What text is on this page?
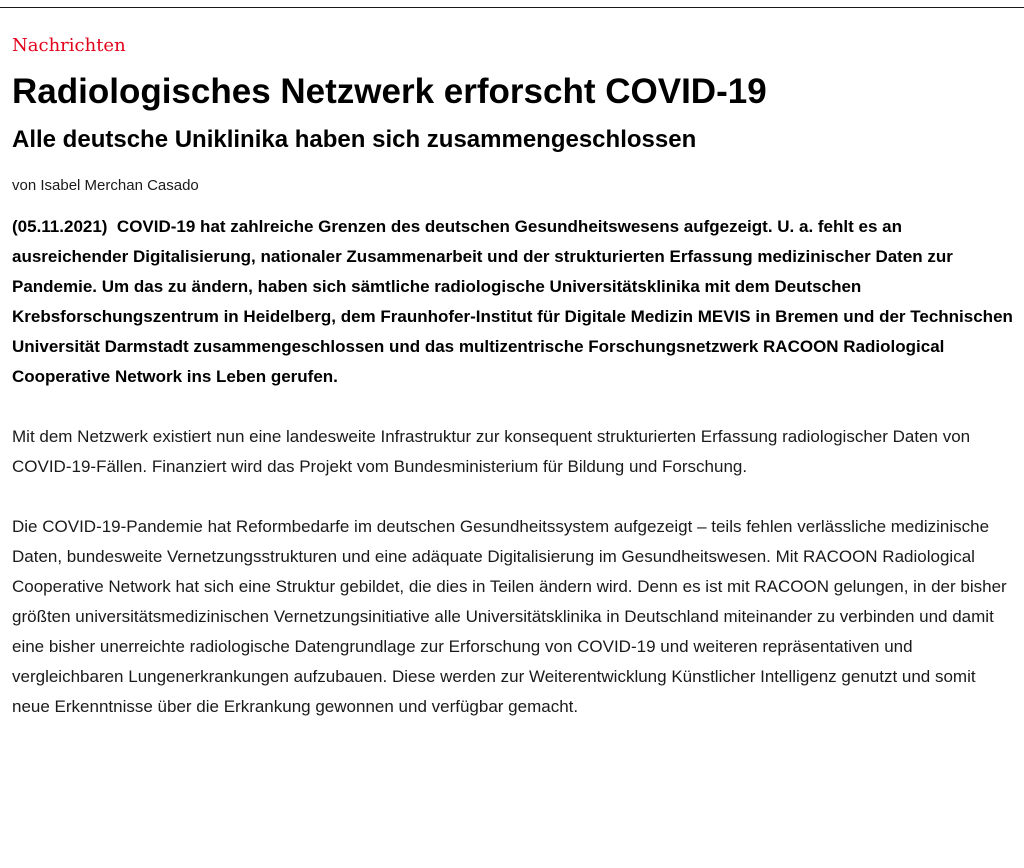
Nachrichten
Radiologisches Netzwerk erforscht COVID-19
Alle deutsche Uniklinika haben sich zusammengeschlossen

von Isabel Merchan Casado

(05.11.2021) COVID-19 hat zahlreiche Grenzen des deutschen Gesundheitswesens aufgezeigt. U. a. fehlt es an ausreichender Digitalisierung, nationaler Zusammenarbeit und der strukturierten Erfassung medizinischer Daten zur Pandemie. Um das zu ändern, haben sich sämtliche radiologische Universitätsklinika mit dem Deutschen Krebsforschungszentrum in Heidelberg, dem Fraunhofer-Institut für Digitale Medizin MEVIS in Bremen und der Technischen Universität Darmstadt zusammengeschlossen und das multizentrische Forschungsnetzwerk RACOON Radiological Cooperative Network ins Leben gerufen.

Mit dem Netzwerk existiert nun eine landesweite Infrastruktur zur konsequent strukturierten Erfassung radiologischer Daten von COVID-19-Fällen. Finanziert wird das Projekt vom Bundesministerium für Bildung und Forschung.

Die COVID-19-Pandemie hat Reformbedarfe im deutschen Gesundheitssystem aufgezeigt – teils fehlen verlässliche medizinische Daten, bundesweite Vernetzungsstrukturen und eine adäquate Digitalisierung im Gesundheitswesen. Mit RACOON Radiological Cooperative Network hat sich eine Struktur gebildet, die dies in Teilen ändern wird. Denn es ist mit RACOON gelungen, in der bisher größten universitätsmedizinischen Vernetzungsinitiative alle Universitätsklinika in Deutschland miteinander zu verbinden und damit eine bisher unerreichte radiologische Datengrundlage zur Erforschung von COVID-19 und weiteren repräsentativen und vergleichbaren Lungenerkrankungen aufzubauen. Diese werden zur Weiterentwicklung Künstlicher Intelligenz genutzt und somit neue Erkenntnisse über die Erkrankung gewonnen und verfügbar gemacht.
